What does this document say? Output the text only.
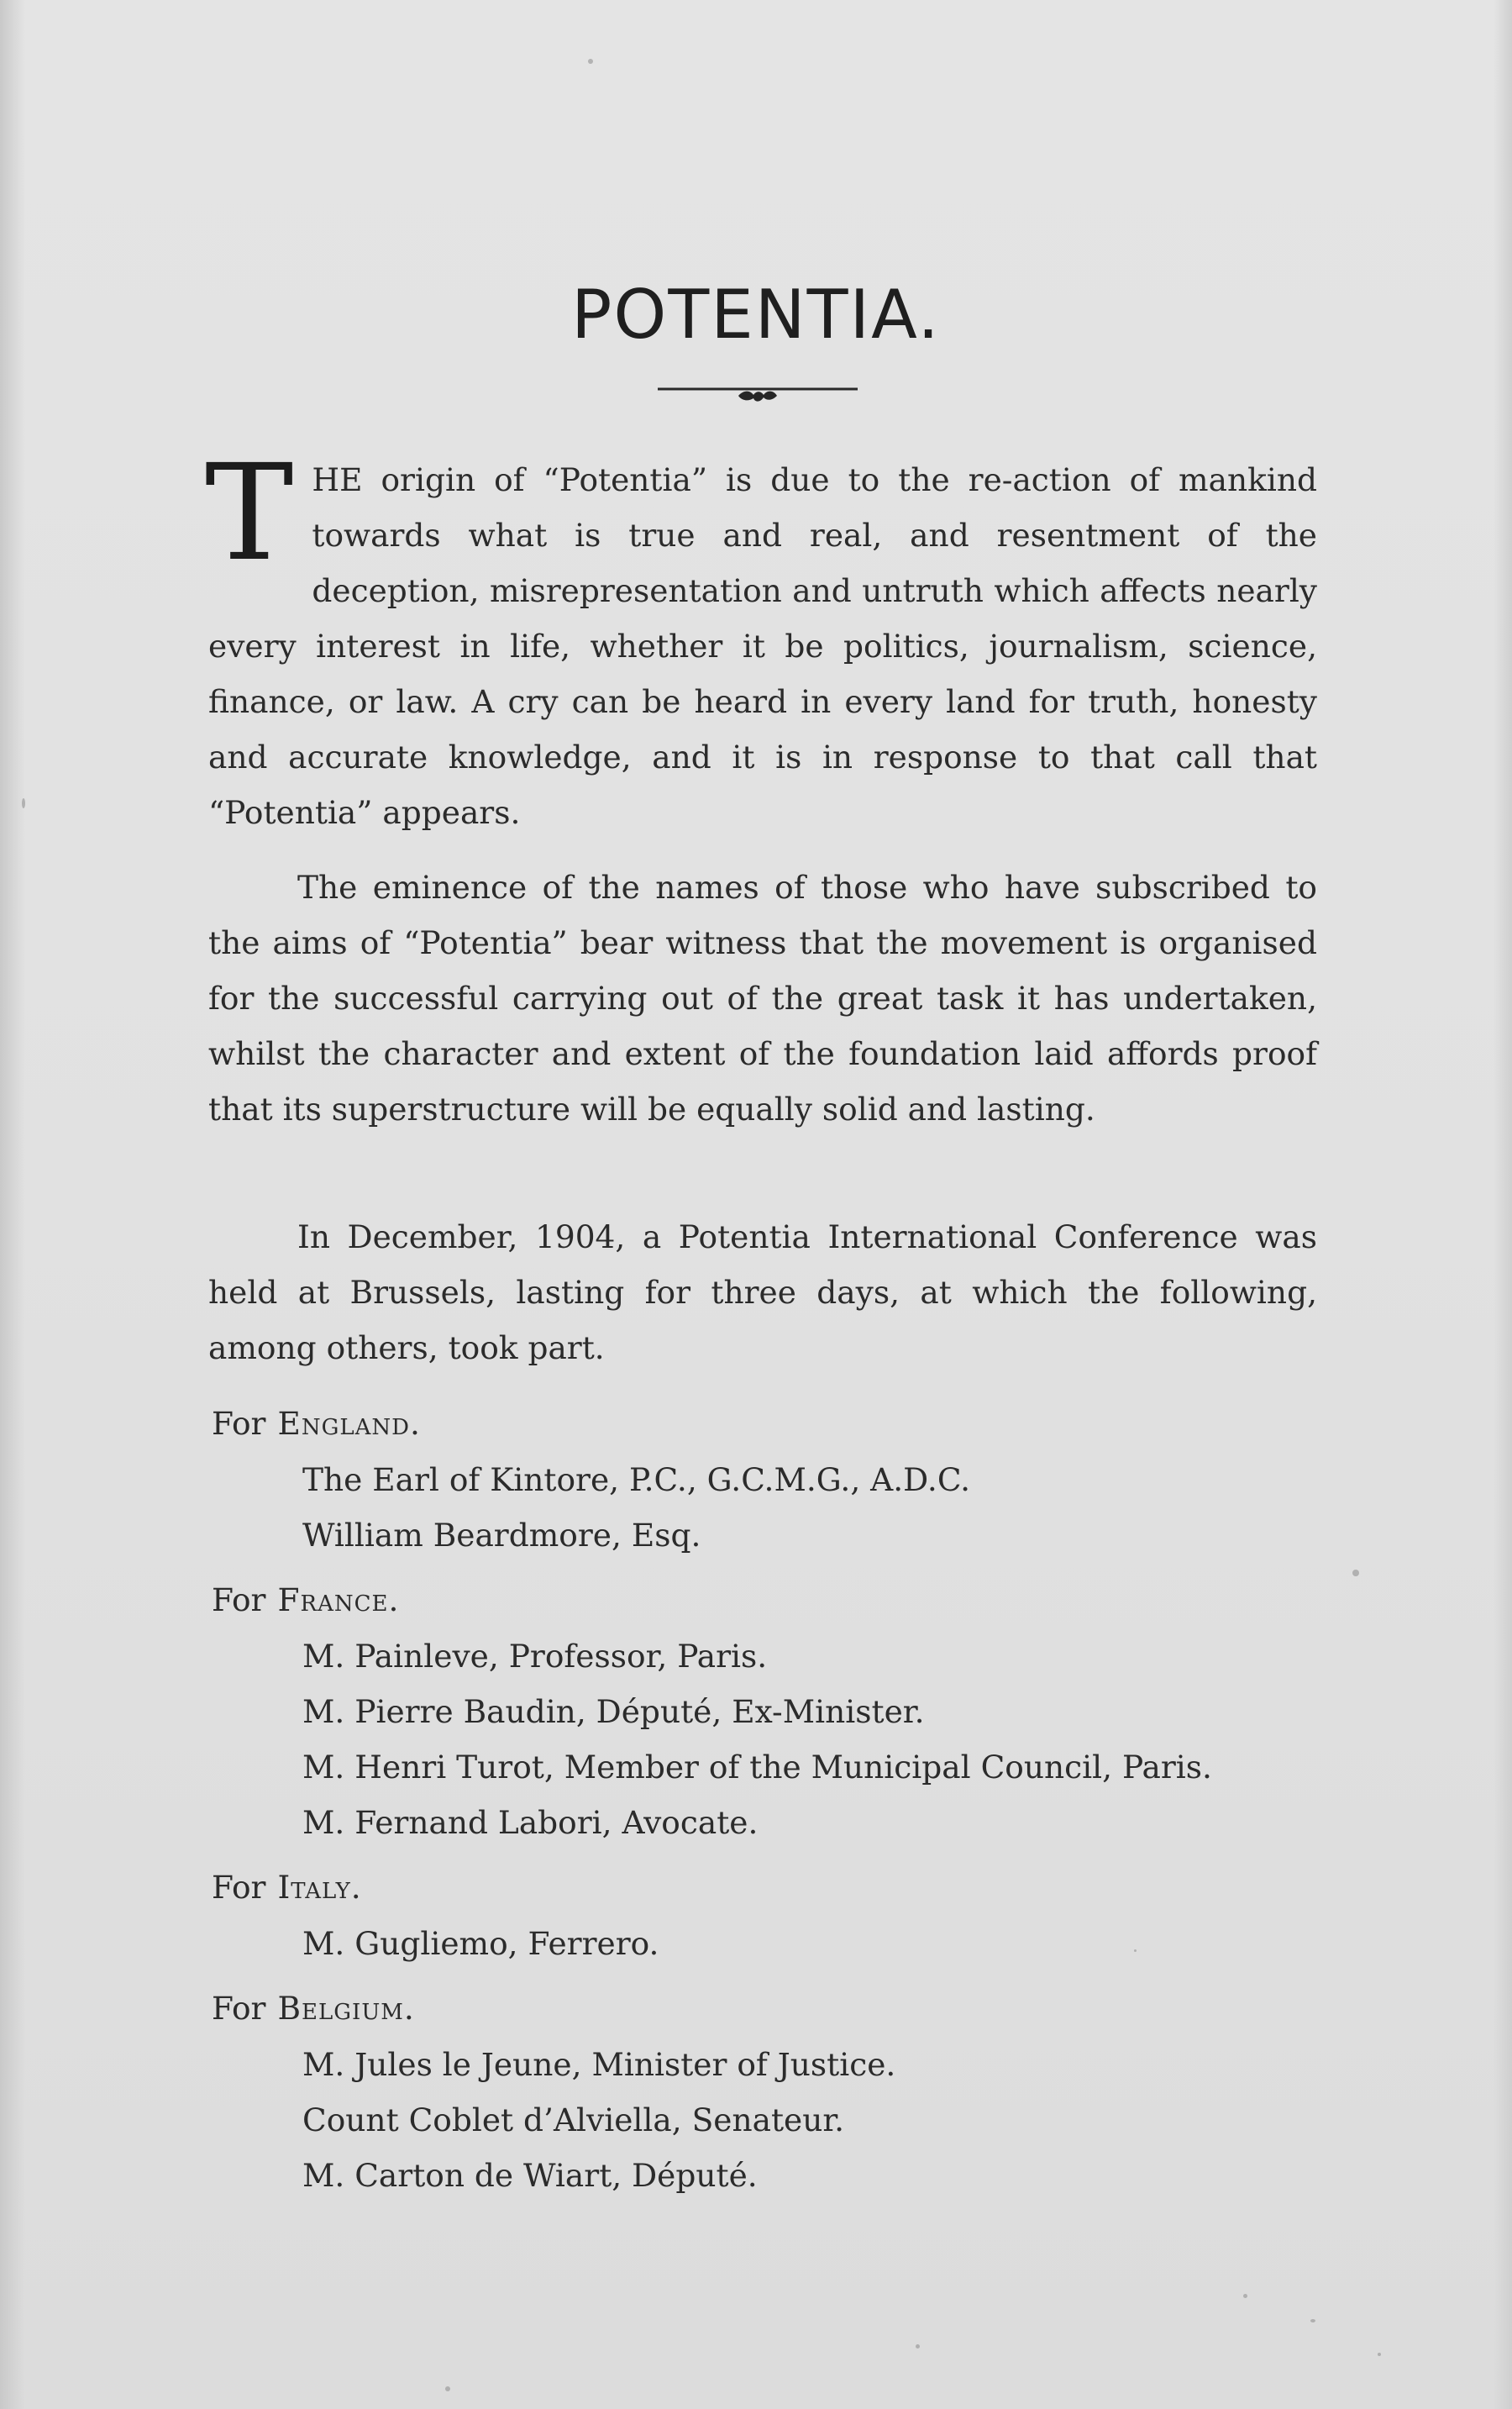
POTENTIA.
THE origin of “Potentia” is due to the re-action of mankind towards what is true and real, and resentment of the deception, misrepresentation and untruth which affects nearly every interest in life, whether it be politics, journalism, science, finance, or law. A cry can be heard in every land for truth, honesty and accurate knowledge, and it is in response to that call that “Potentia” appears.
The eminence of the names of those who have subscribed to the aims of “Potentia” bear witness that the movement is organised for the successful carrying out of the great task it has undertaken, whilst the character and extent of the foundation laid affords proof that its superstructure will be equally solid and lasting.
In December, 1904, a Potentia International Conference was held at Brussels, lasting for three days, at which the following, among others, took part.
For England.
The Earl of Kintore, P.C., G.C.M.G., A.D.C.
William Beardmore, Esq.
For France.
M. Painleve, Professor, Paris.
M. Pierre Baudin, Député, Ex-Minister.
M. Henri Turot, Member of the Municipal Council, Paris.
M. Fernand Labori, Avocate.
For Italy.
M. Gugliemo, Ferrero.
For Belgium.
M. Jules le Jeune, Minister of Justice.
Count Coblet d’Alviella, Senateur.
M. Carton de Wiart, Député.
